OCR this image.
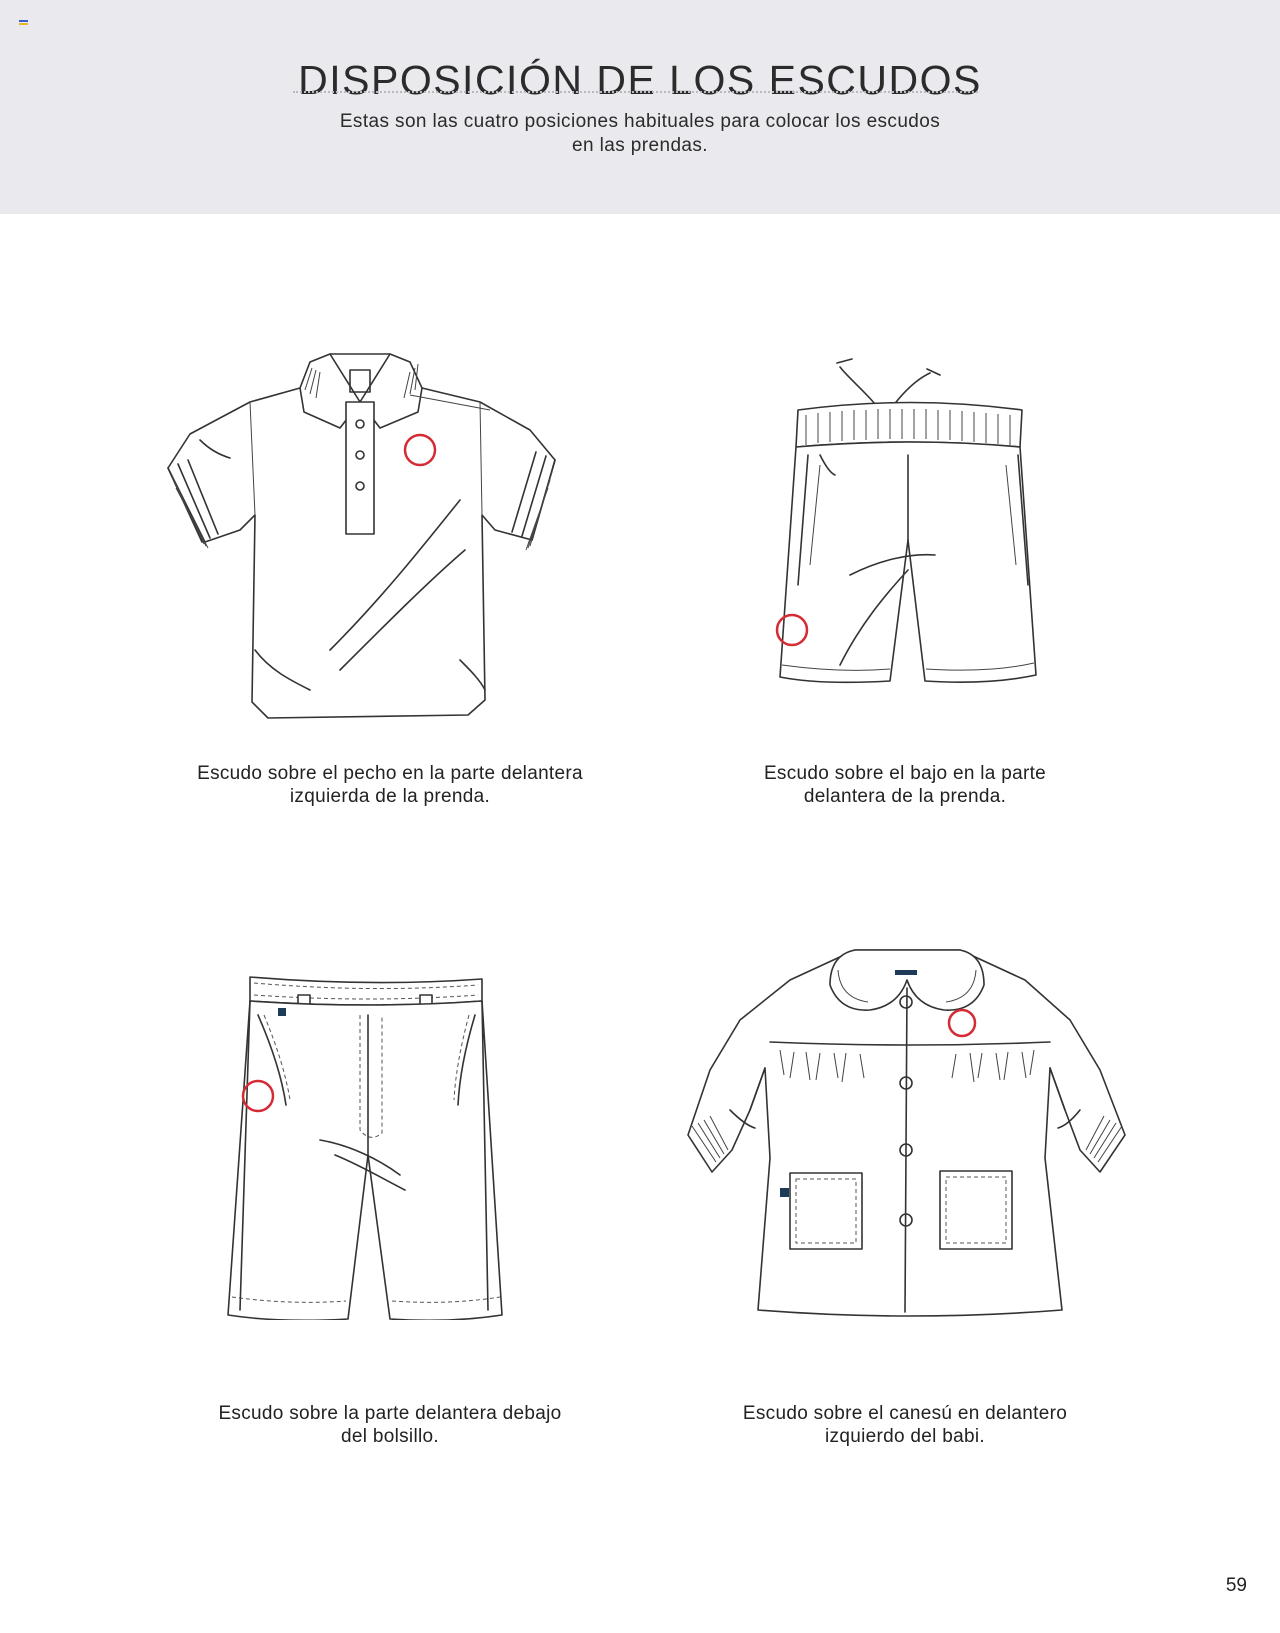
DISPOSICIÓN DE LOS ESCUDOS
Estas son las cuatro posiciones habituales para colocar los escudos
en las prendas.
Escudo sobre el pecho en la parte delantera
izquierda de la prenda.
Escudo sobre el bajo en la parte
delantera de la prenda.
Escudo sobre la parte delantera debajo
del bolsillo.
Escudo sobre el canesú en delantero
izquierdo del babi.
59
